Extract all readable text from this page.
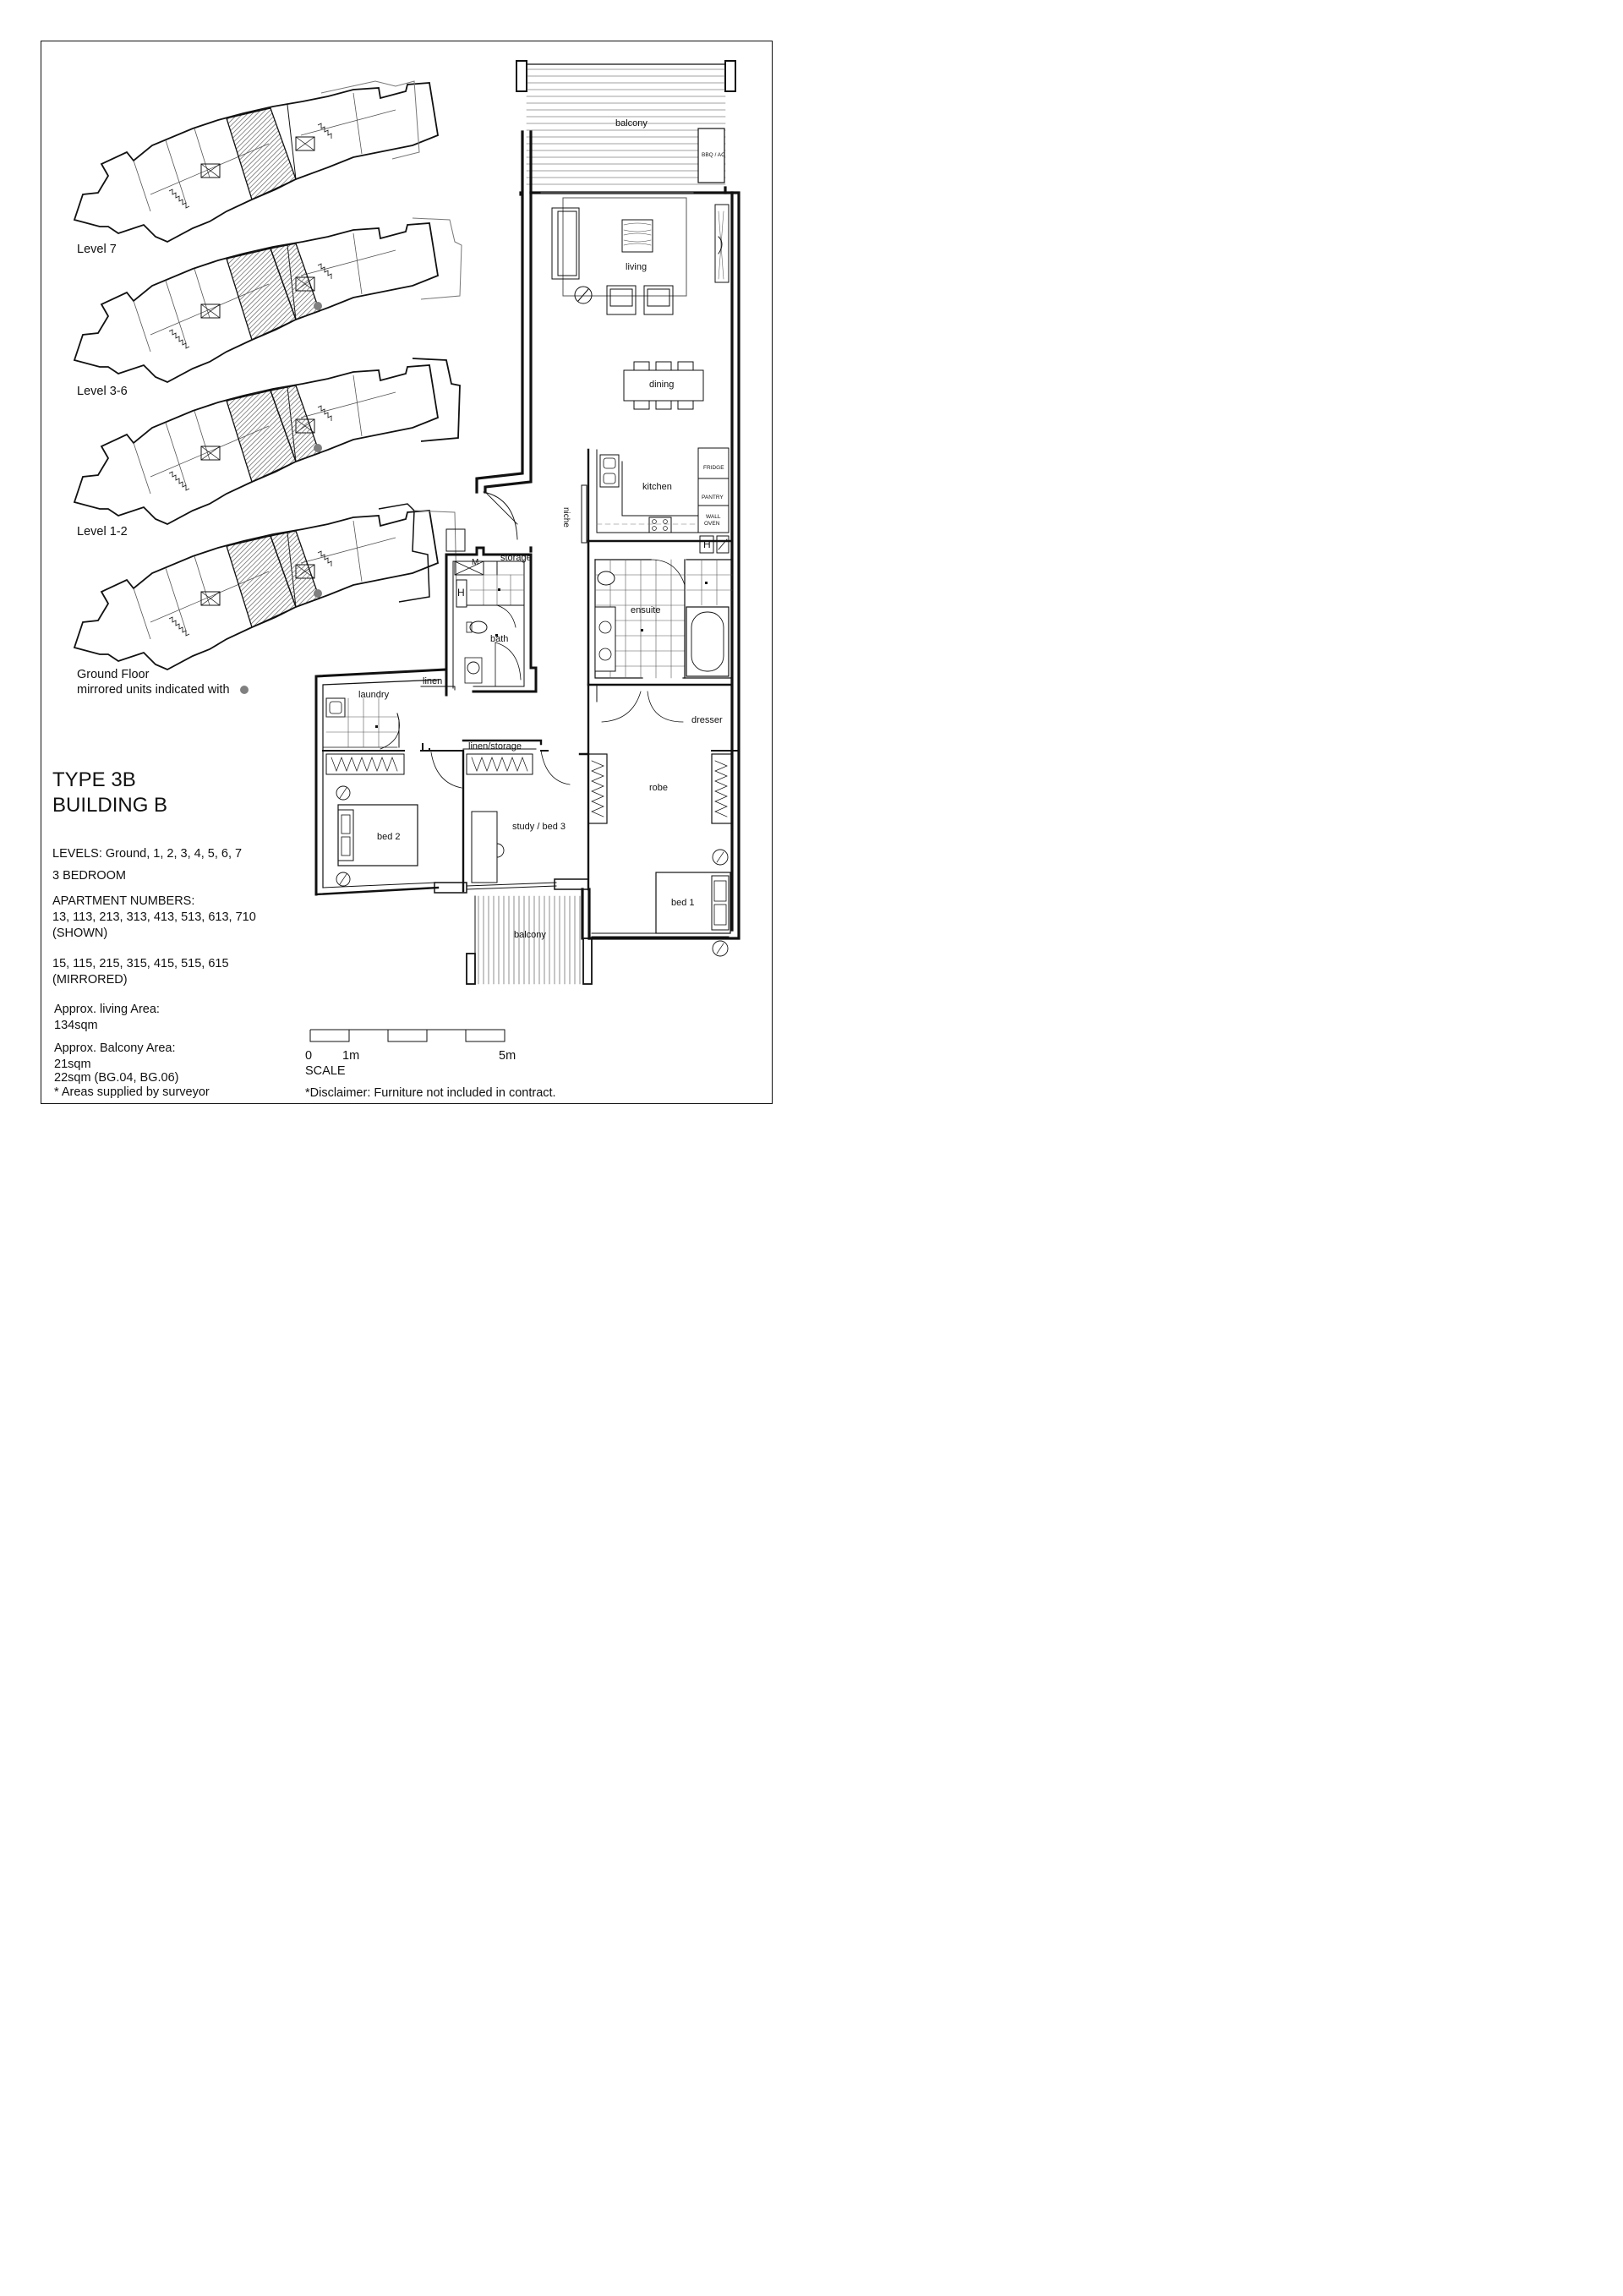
Level 7
Level 3-6
Level 1-2
Ground Floor
mirrored units indicated with
TYPE 3B
BUILDING B
LEVELS: Ground, 1, 2, 3, 4, 5, 6, 7
3 BEDROOM
APARTMENT NUMBERS:
13, 113, 213, 313, 413, 513, 613, 710
(SHOWN)
15, 115, 215, 315, 415, 515, 615
(MIRRORED)
Approx. living Area:
134sqm
Approx. Balcony Area:
21sqm
22sqm (BG.04, BG.06)
* Areas supplied by surveyor
0 1m	5m
SCALE
*Disclaimer: Furniture not included in contract.
balcony
BBQ / AC
living
dining
kitchen
FRIDGE
PANTRY
WALL
OVEN
niche
H
M storage
H
bath
ensuite
linen
laundry
dresser
linen/storage
robe
bed 2
study / bed 3
bed 1
balcony
